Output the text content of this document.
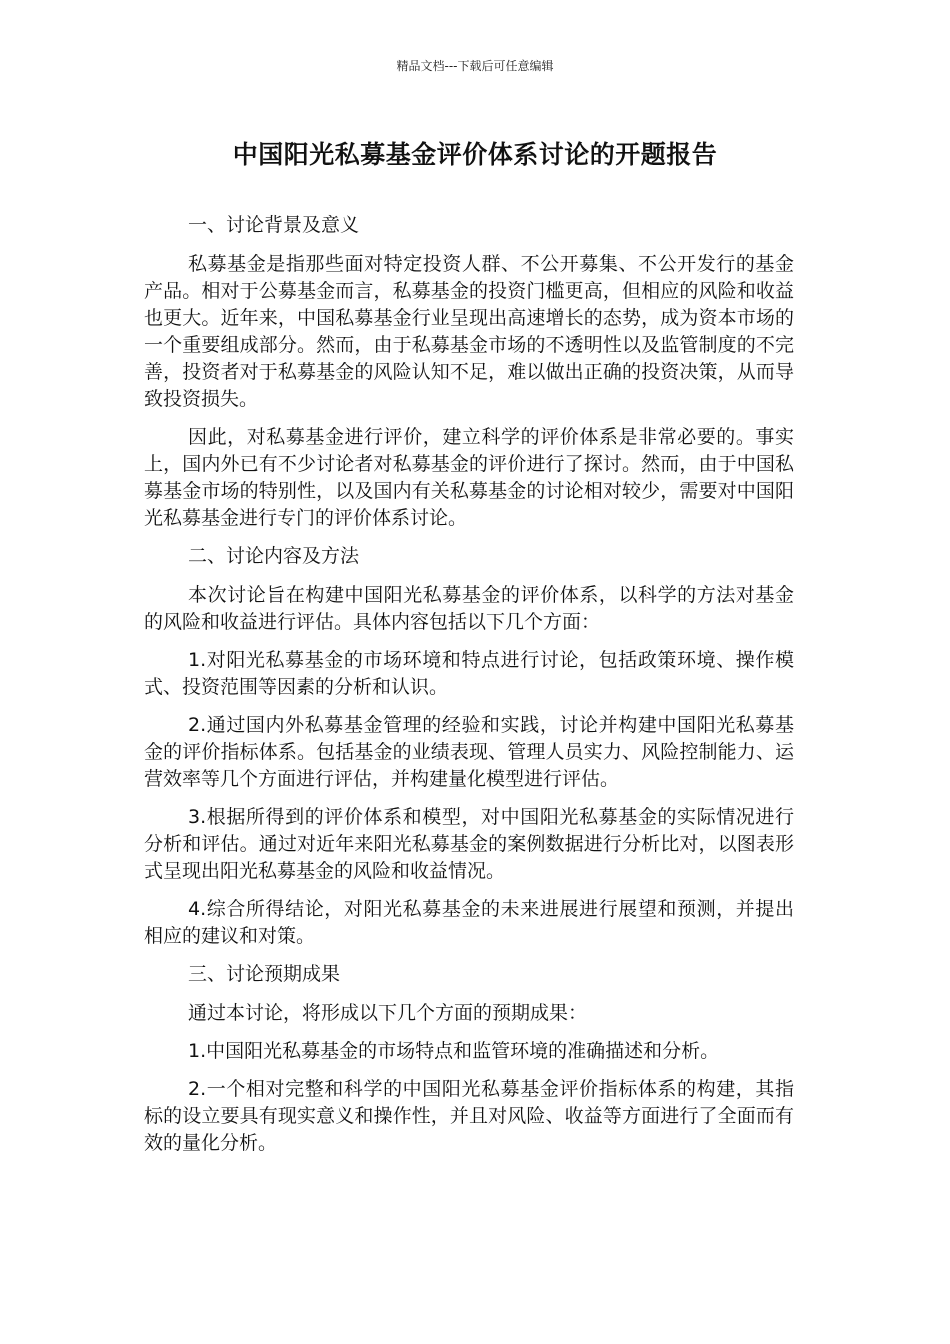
精品文档---下载后可任意编辑
中国阳光私募基金评价体系讨论的开题报告

一、讨论背景及意义

私募基金是指那些面对特定投资人群、不公开募集、不公开发行的基金产品。相对于公募基金而言，私募基金的投资门槛更高，但相应的风险和收益也更大。近年来，中国私募基金行业呈现出高速增长的态势，成为资本市场的一个重要组成部分。然而，由于私募基金市场的不透明性以及监管制度的不完善，投资者对于私募基金的风险认知不足，难以做出正确的投资决策，从而导致投资损失。

因此，对私募基金进行评价，建立科学的评价体系是非常必要的。事实上，国内外已有不少讨论者对私募基金的评价进行了探讨。然而，由于中国私募基金市场的特别性，以及国内有关私募基金的讨论相对较少，需要对中国阳光私募基金进行专门的评价体系讨论。

二、讨论内容及方法

本次讨论旨在构建中国阳光私募基金的评价体系，以科学的方法对基金的风险和收益进行评估。具体内容包括以下几个方面：

1.对阳光私募基金的市场环境和特点进行讨论，包括政策环境、操作模式、投资范围等因素的分析和认识。

2.通过国内外私募基金管理的经验和实践，讨论并构建中国阳光私募基金的评价指标体系。包括基金的业绩表现、管理人员实力、风险控制能力、运营效率等几个方面进行评估，并构建量化模型进行评估。

3.根据所得到的评价体系和模型，对中国阳光私募基金的实际情况进行分析和评估。通过对近年来阳光私募基金的案例数据进行分析比对，以图表形式呈现出阳光私募基金的风险和收益情况。

4.综合所得结论，对阳光私募基金的未来进展进行展望和预测，并提出相应的建议和对策。

三、讨论预期成果

通过本讨论，将形成以下几个方面的预期成果：

1.中国阳光私募基金的市场特点和监管环境的准确描述和分析。

2.一个相对完整和科学的中国阳光私募基金评价指标体系的构建，其指标的设立要具有现实意义和操作性，并且对风险、收益等方面进行了全面而有效的量化分析。
